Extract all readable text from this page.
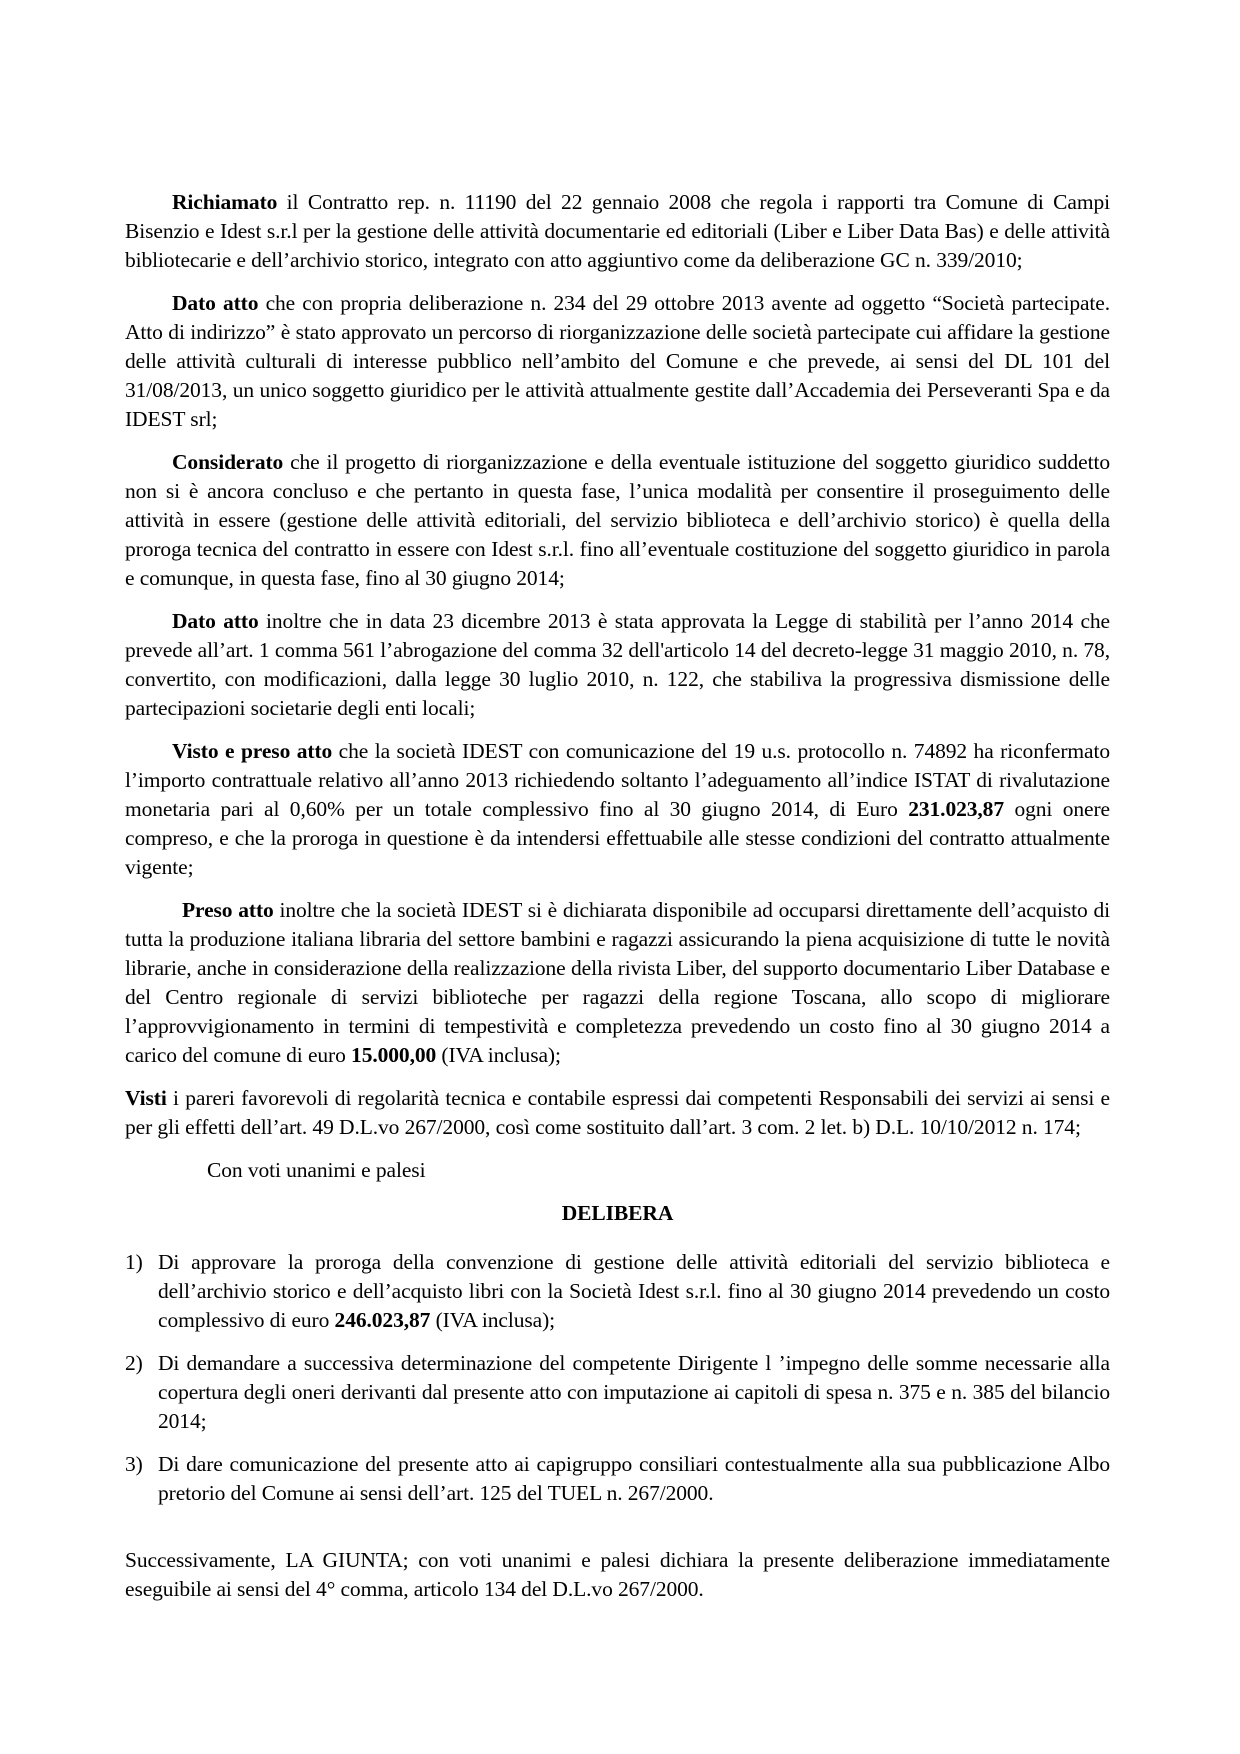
Richiamato il Contratto rep. n. 11190 del 22 gennaio 2008 che regola i rapporti tra Comune di Campi Bisenzio e Idest s.r.l per la gestione delle attività documentarie ed editoriali (Liber e Liber Data Bas) e delle attività bibliotecarie e dell’archivio storico, integrato con atto aggiuntivo come da deliberazione GC n. 339/2010;

Dato atto che con propria deliberazione n. 234 del 29 ottobre 2013 avente ad oggetto “Società partecipate. Atto di indirizzo” è stato approvato un percorso di riorganizzazione delle società partecipate cui affidare la gestione delle attività culturali di interesse pubblico nell’ambito del Comune e che prevede, ai sensi del DL 101 del 31/08/2013, un unico soggetto giuridico per le attività attualmente gestite dall’Accademia dei Perseveranti Spa e da IDEST srl;

Considerato che il progetto di riorganizzazione e della eventuale istituzione del soggetto giuridico suddetto non si è ancora concluso e che pertanto in questa fase, l’unica modalità per consentire il proseguimento delle attività in essere (gestione delle attività editoriali, del servizio biblioteca e dell’archivio storico) è quella della proroga tecnica del contratto in essere con Idest s.r.l. fino all’eventuale costituzione del soggetto giuridico in parola e comunque, in questa fase, fino al 30 giugno 2014;

Dato atto inoltre che in data 23 dicembre 2013 è stata approvata la Legge di stabilità per l’anno 2014 che prevede all’art. 1 comma 561 l’abrogazione del comma 32 dell'articolo 14 del decreto-legge 31 maggio 2010, n. 78, convertito, con modificazioni, dalla legge 30 luglio 2010, n. 122, che stabiliva la progressiva dismissione delle partecipazioni societarie degli enti locali;

Visto e preso atto che la società IDEST con comunicazione del 19 u.s. protocollo n. 74892 ha riconfermato l’importo contrattuale relativo all’anno 2013 richiedendo soltanto l’adeguamento all’indice ISTAT di rivalutazione monetaria pari al 0,60% per un totale complessivo fino al 30 giugno 2014, di Euro 231.023,87 ogni onere compreso, e che la proroga in questione è da intendersi effettuabile alle stesse condizioni del contratto attualmente vigente;

Preso atto inoltre che la società IDEST si è dichiarata disponibile ad occuparsi direttamente dell’acquisto di tutta la produzione italiana libraria del settore bambini e ragazzi assicurando la piena acquisizione di tutte le novità librarie, anche in considerazione della realizzazione della rivista Liber, del supporto documentario Liber Database e del Centro regionale di servizi biblioteche per ragazzi della regione Toscana, allo scopo di migliorare l’approvvigionamento in termini di tempestività e completezza prevedendo un costo fino al 30 giugno 2014 a carico del comune di euro 15.000,00 (IVA inclusa);

Visti i pareri favorevoli di regolarità tecnica e contabile espressi dai competenti Responsabili dei servizi ai sensi e per gli effetti dell’art. 49 D.L.vo 267/2000, così come sostituito dall’art. 3 com. 2 let. b) D.L. 10/10/2012 n. 174;

Con voti unanimi e palesi

DELIBERA

1) Di approvare la proroga della convenzione di gestione delle attività editoriali del servizio biblioteca e dell’archivio storico e dell’acquisto libri con la Società Idest s.r.l. fino al 30 giugno 2014 prevedendo un costo complessivo di euro 246.023,87 (IVA inclusa);
2) Di demandare a successiva determinazione del competente Dirigente l ’impegno delle somme necessarie alla copertura degli oneri derivanti dal presente atto con imputazione ai capitoli di spesa n. 375 e n. 385 del bilancio 2014;
3) Di dare comunicazione del presente atto ai capigruppo consiliari contestualmente alla sua pubblicazione Albo pretorio del Comune ai sensi dell’art. 125 del TUEL n. 267/2000.

Successivamente, LA GIUNTA; con voti unanimi e palesi dichiara la presente deliberazione immediatamente eseguibile ai sensi del 4° comma, articolo 134 del D.L.vo 267/2000.
